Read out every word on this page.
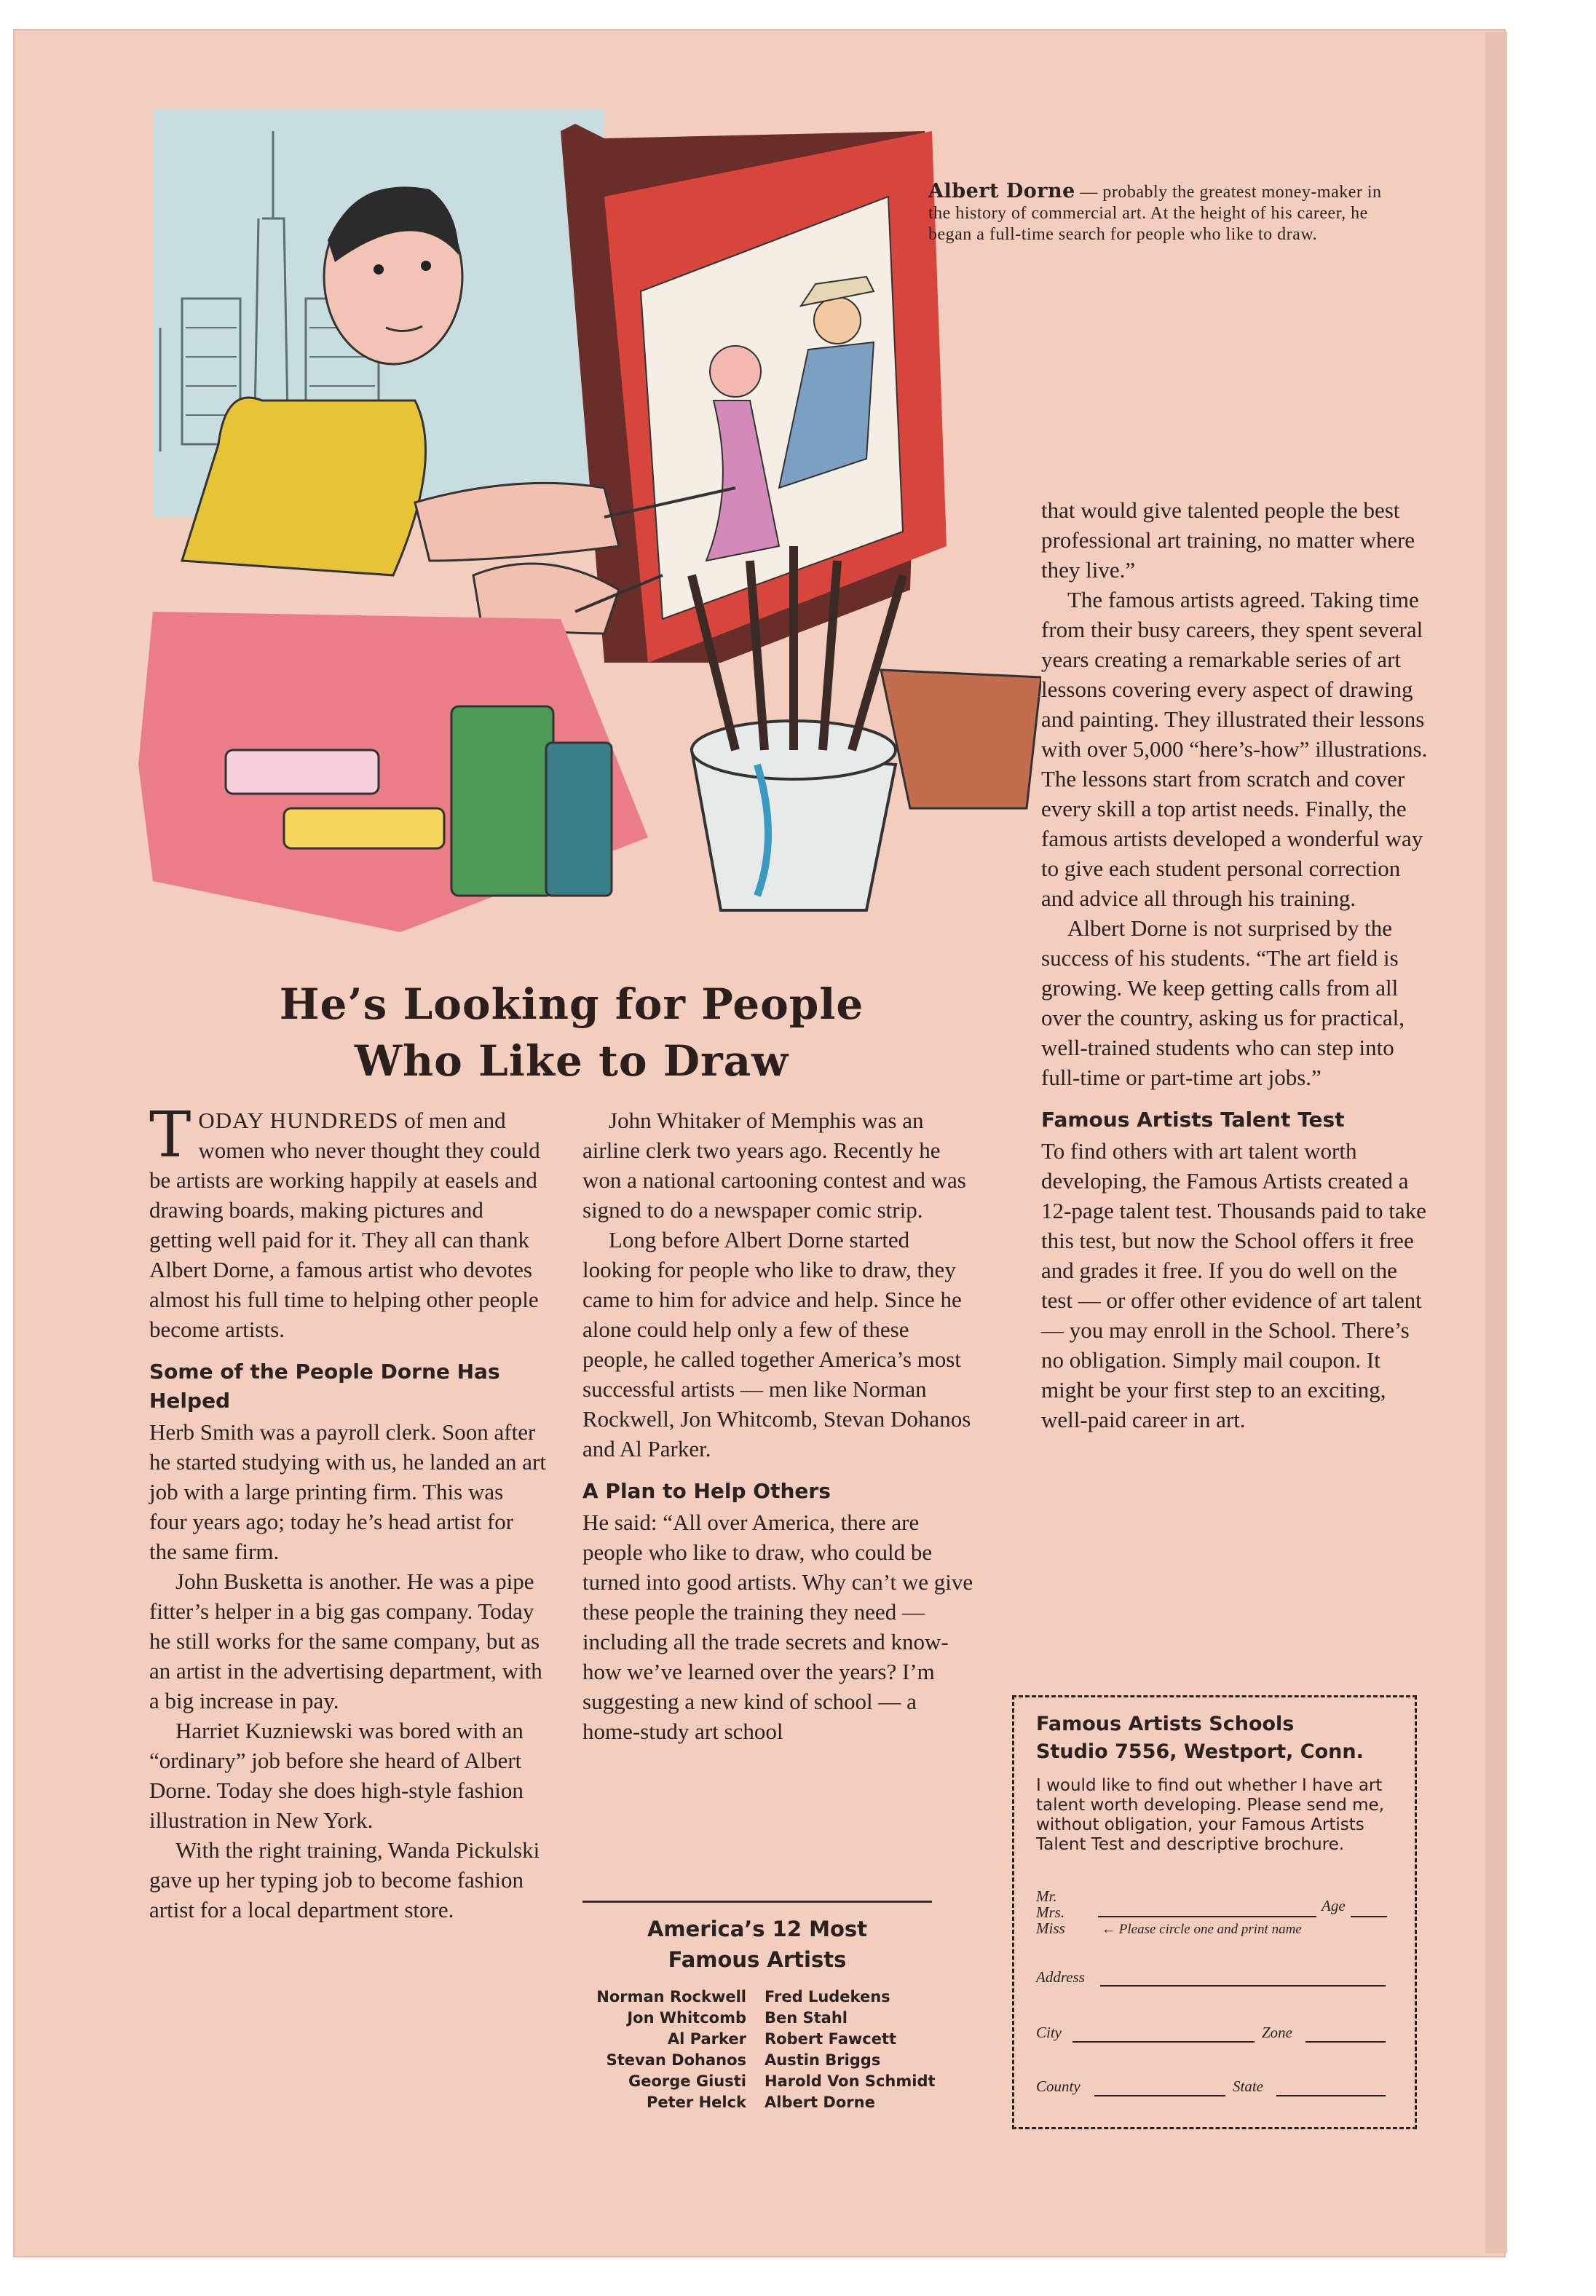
Albert Dorne — probably the greatest money-maker in the history of commercial art. At the height of his career, he began a full-time search for people who like to draw.
He’s Looking for People
Who Like to Draw

TODAY HUNDREDS of men and women who never thought they could be artists are working happily at easels and drawing boards, making pictures and getting well paid for it. They all can thank Albert Dorne, a famous artist who devotes almost his full time to helping other people become artists.

Some of the People Dorne Has Helped

Herb Smith was a payroll clerk. Soon after he started studying with us, he landed an art job with a large printing firm. This was four years ago; today he’s head artist for the same firm.

John Busketta is another. He was a pipe fitter’s helper in a big gas company. Today he still works for the same company, but as an artist in the advertising department, with a big increase in pay.

Harriet Kuzniewski was bored with an “ordinary” job before she heard of Albert Dorne. Today she does high-style fashion illustration in New York.

With the right training, Wanda Pickulski gave up her typing job to become fashion artist for a local department store.

John Whitaker of Memphis was an airline clerk two years ago. Recently he won a national cartooning contest and was signed to do a newspaper comic strip.

Long before Albert Dorne started looking for people who like to draw, they came to him for advice and help. Since he alone could help only a few of these people, he called together America’s most successful artists — men like Norman Rockwell, Jon Whitcomb, Stevan Dohanos and Al Parker.

A Plan to Help Others

He said: “All over America, there are people who like to draw, who could be turned into good artists. Why can’t we give these people the training they need — including all the trade secrets and know-how we’ve learned over the years? I’m suggesting a new kind of school — a home-study art school

that would give talented people the best professional art training, no matter where they live.”

The famous artists agreed. Taking time from their busy careers, they spent several years creating a remarkable series of art lessons covering every aspect of drawing and painting. They illustrated their lessons with over 5,000 “here’s-how” illustrations. The lessons start from scratch and cover every skill a top artist needs. Finally, the famous artists developed a wonderful way to give each student personal correction and advice all through his training.

Albert Dorne is not surprised by the success of his students. “The art field is growing. We keep getting calls from all over the country, asking us for practical, well-trained students who can step into full-time or part-time art jobs.”

Famous Artists Talent Test

To find others with art talent worth developing, the Famous Artists created a 12-page talent test. Thousands paid to take this test, but now the School offers it free and grades it free. If you do well on the test — or offer other evidence of art talent — you may enroll in the School. There’s no obligation. Simply mail coupon. It might be your first step to an exciting, well-paid career in art.

America’s 12 Most
Famous Artists
Norman Rockwell Fred Ludekens
Jon Whitcomb Ben Stahl
Al Parker Robert Fawcett
Stevan Dohanos Austin Briggs
George Giusti Harold Von Schmidt
Peter Helck Albert Dorne
Famous Artists Schools
Studio 7556, Westport, Conn.
I would like to find out whether I have art talent worth developing. Please send me, without obligation, your Famous Artists Talent Test and descriptive brochure.
Mr.
Mrs.
Miss
Age
← Please circle one and print name
Address
City	Zone
County	State
